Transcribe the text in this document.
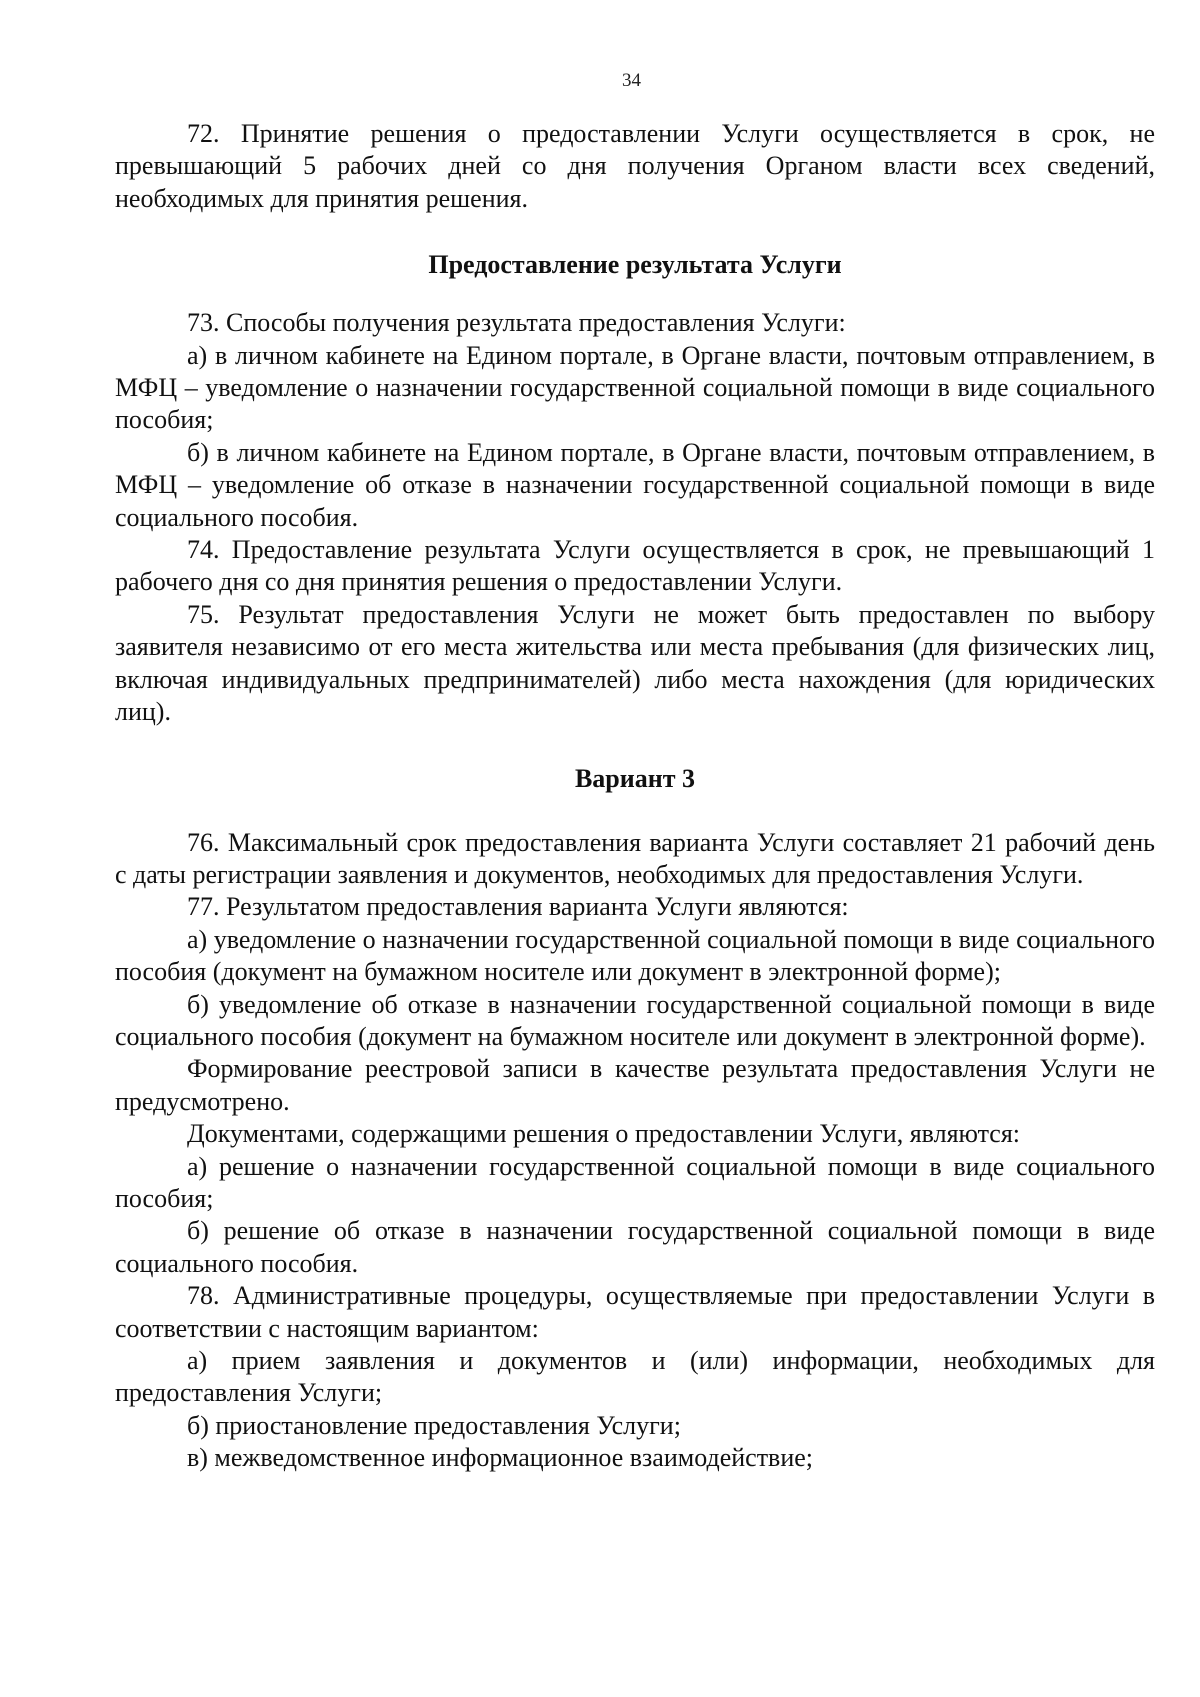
34

72. Принятие решения о предоставлении Услуги осуществляется в срок, не превышающий 5 рабочих дней со дня получения Органом власти всех сведений, необходимых для принятия решения.

Предоставление результата Услуги

73. Способы получения результата предоставления Услуги:

а) в личном кабинете на Едином портале, в Органе власти, почтовым отправлением, в МФЦ – уведомление о назначении государственной социальной помощи в виде социального пособия;

б) в личном кабинете на Едином портале, в Органе власти, почтовым отправлением, в МФЦ – уведомление об отказе в назначении государственной социальной помощи в виде социального пособия.

74. Предоставление результата Услуги осуществляется в срок, не превышающий 1 рабочего дня со дня принятия решения о предоставлении Услуги.

75. Результат предоставления Услуги не может быть предоставлен по выбору заявителя независимо от его места жительства или места пребывания (для физических лиц, включая индивидуальных предпринимателей) либо места нахождения (для юридических лиц).

Вариант 3

76. Максимальный срок предоставления варианта Услуги составляет 21 рабочий день с даты регистрации заявления и документов, необходимых для предоставления Услуги.

77. Результатом предоставления варианта Услуги являются:

а) уведомление о назначении государственной социальной помощи в виде социального пособия (документ на бумажном носителе или документ в электронной форме);

б) уведомление об отказе в назначении государственной социальной помощи в виде социального пособия (документ на бумажном носителе или документ в электронной форме).

Формирование реестровой записи в качестве результата предоставления Услуги не предусмотрено.

Документами, содержащими решения о предоставлении Услуги, являются:

а) решение о назначении государственной социальной помощи в виде социального пособия;

б) решение об отказе в назначении государственной социальной помощи в виде социального пособия.

78. Административные процедуры, осуществляемые при предоставлении Услуги в соответствии с настоящим вариантом:

а) прием заявления и документов и (или) информации, необходимых для предоставления Услуги;

б) приостановление предоставления Услуги;

в) межведомственное информационное взаимодействие;
